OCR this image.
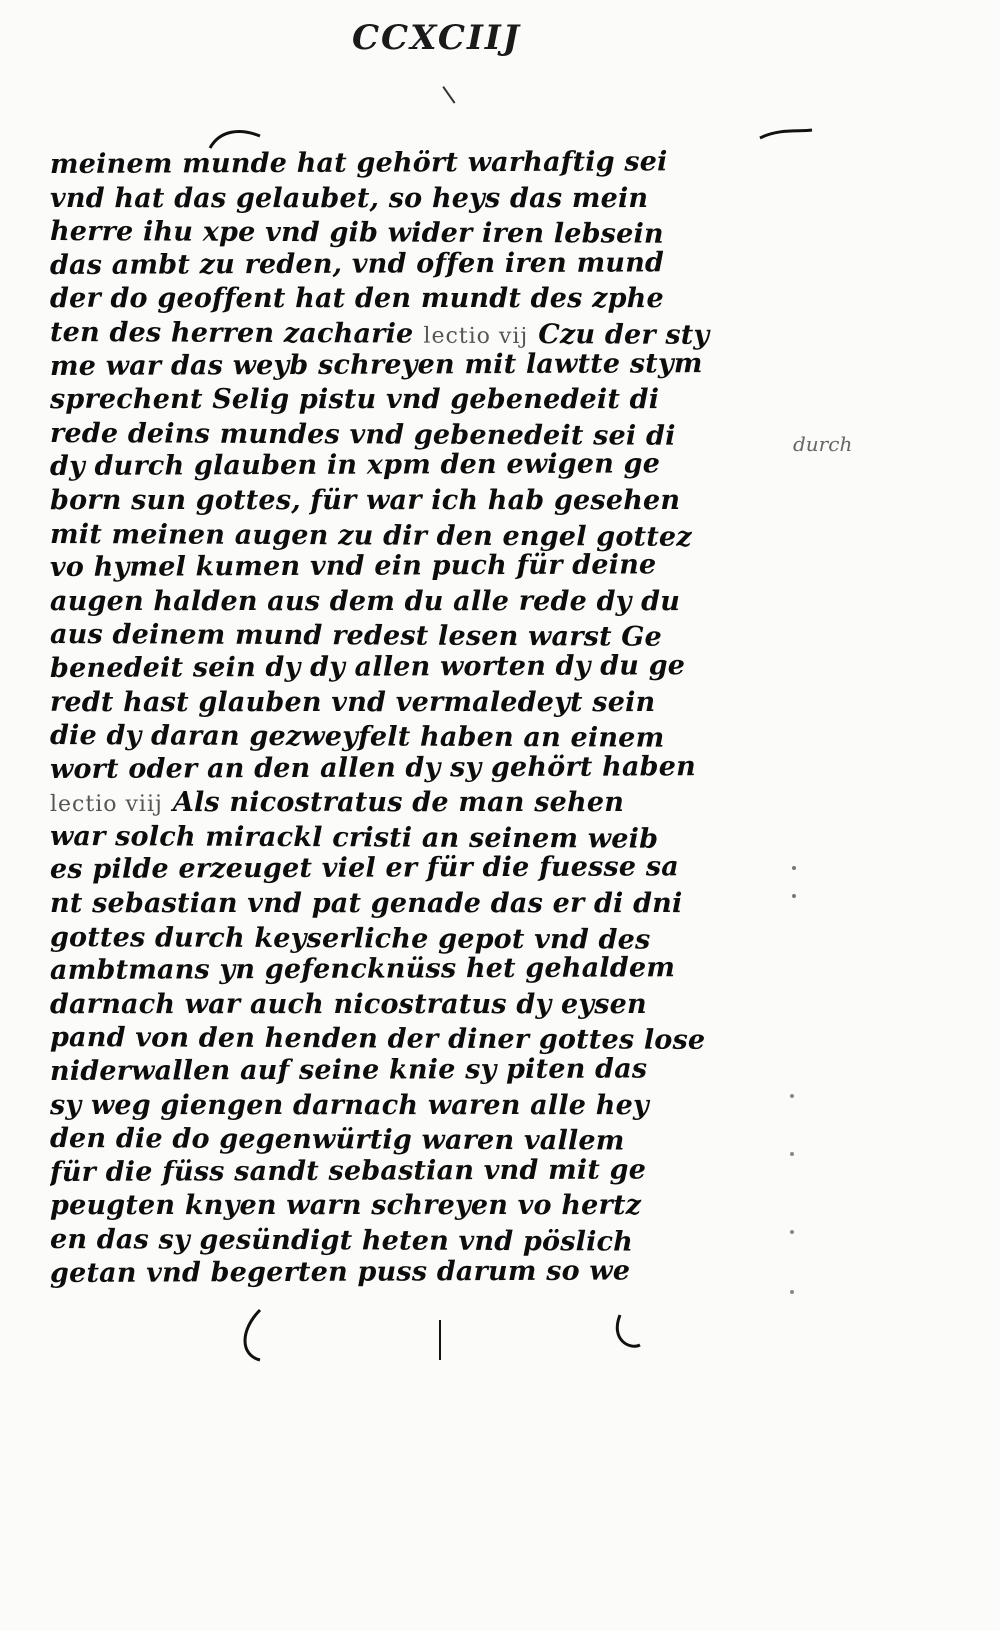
CCXCIIJ
meinem munde hat gehört warhaftig sei
vnd hat das gelaubet, so heys das mein
herre ihu xpe vnd gib wider iren lebsein
das ambt zu reden, vnd offen iren mund
der do geoffent hat den mundt des zphe
ten des herren zacharie lectio vij Czu der sty
me war das weyb schreyen mit lawtte stym
sprechent Selig pistu vnd gebenedeit di
rede deins mundes vnd gebenedeit sei di
dy durch glauben in xpm den ewigen ge
born sun gottes, für war ich hab gesehen
mit meinen augen zu dir den engel gottez
vo hymel kumen vnd ein puch für deine
augen halden aus dem du alle rede dy du
aus deinem mund redest lesen warst Ge
benedeit sein dy dy allen worten dy du ge
redt hast glauben vnd vermaledeyt sein
die dy daran gezweyfelt haben an einem
wort oder an den allen dy sy gehört haben
lectio viij Als nicostratus de man sehen
war solch mirackl cristi an seinem weib
es pilde erzeuget viel er für die fuesse sa
nt sebastian vnd pat genade das er di dni
gottes durch keyserliche gepot vnd des
ambtmans yn gefencknüss het gehaldem
darnach war auch nicostratus dy eysen
pand von den henden der diner gottes lose
niderwallen auf seine knie sy piten das
sy weg giengen darnach waren alle hey
den die do gegenwürtig waren vallem
für die füss sandt sebastian vnd mit ge
peugten knyen warn schreyen vo hertz
en das sy gesündigt heten vnd pöslich
getan vnd begerten puss darum so we
durch
